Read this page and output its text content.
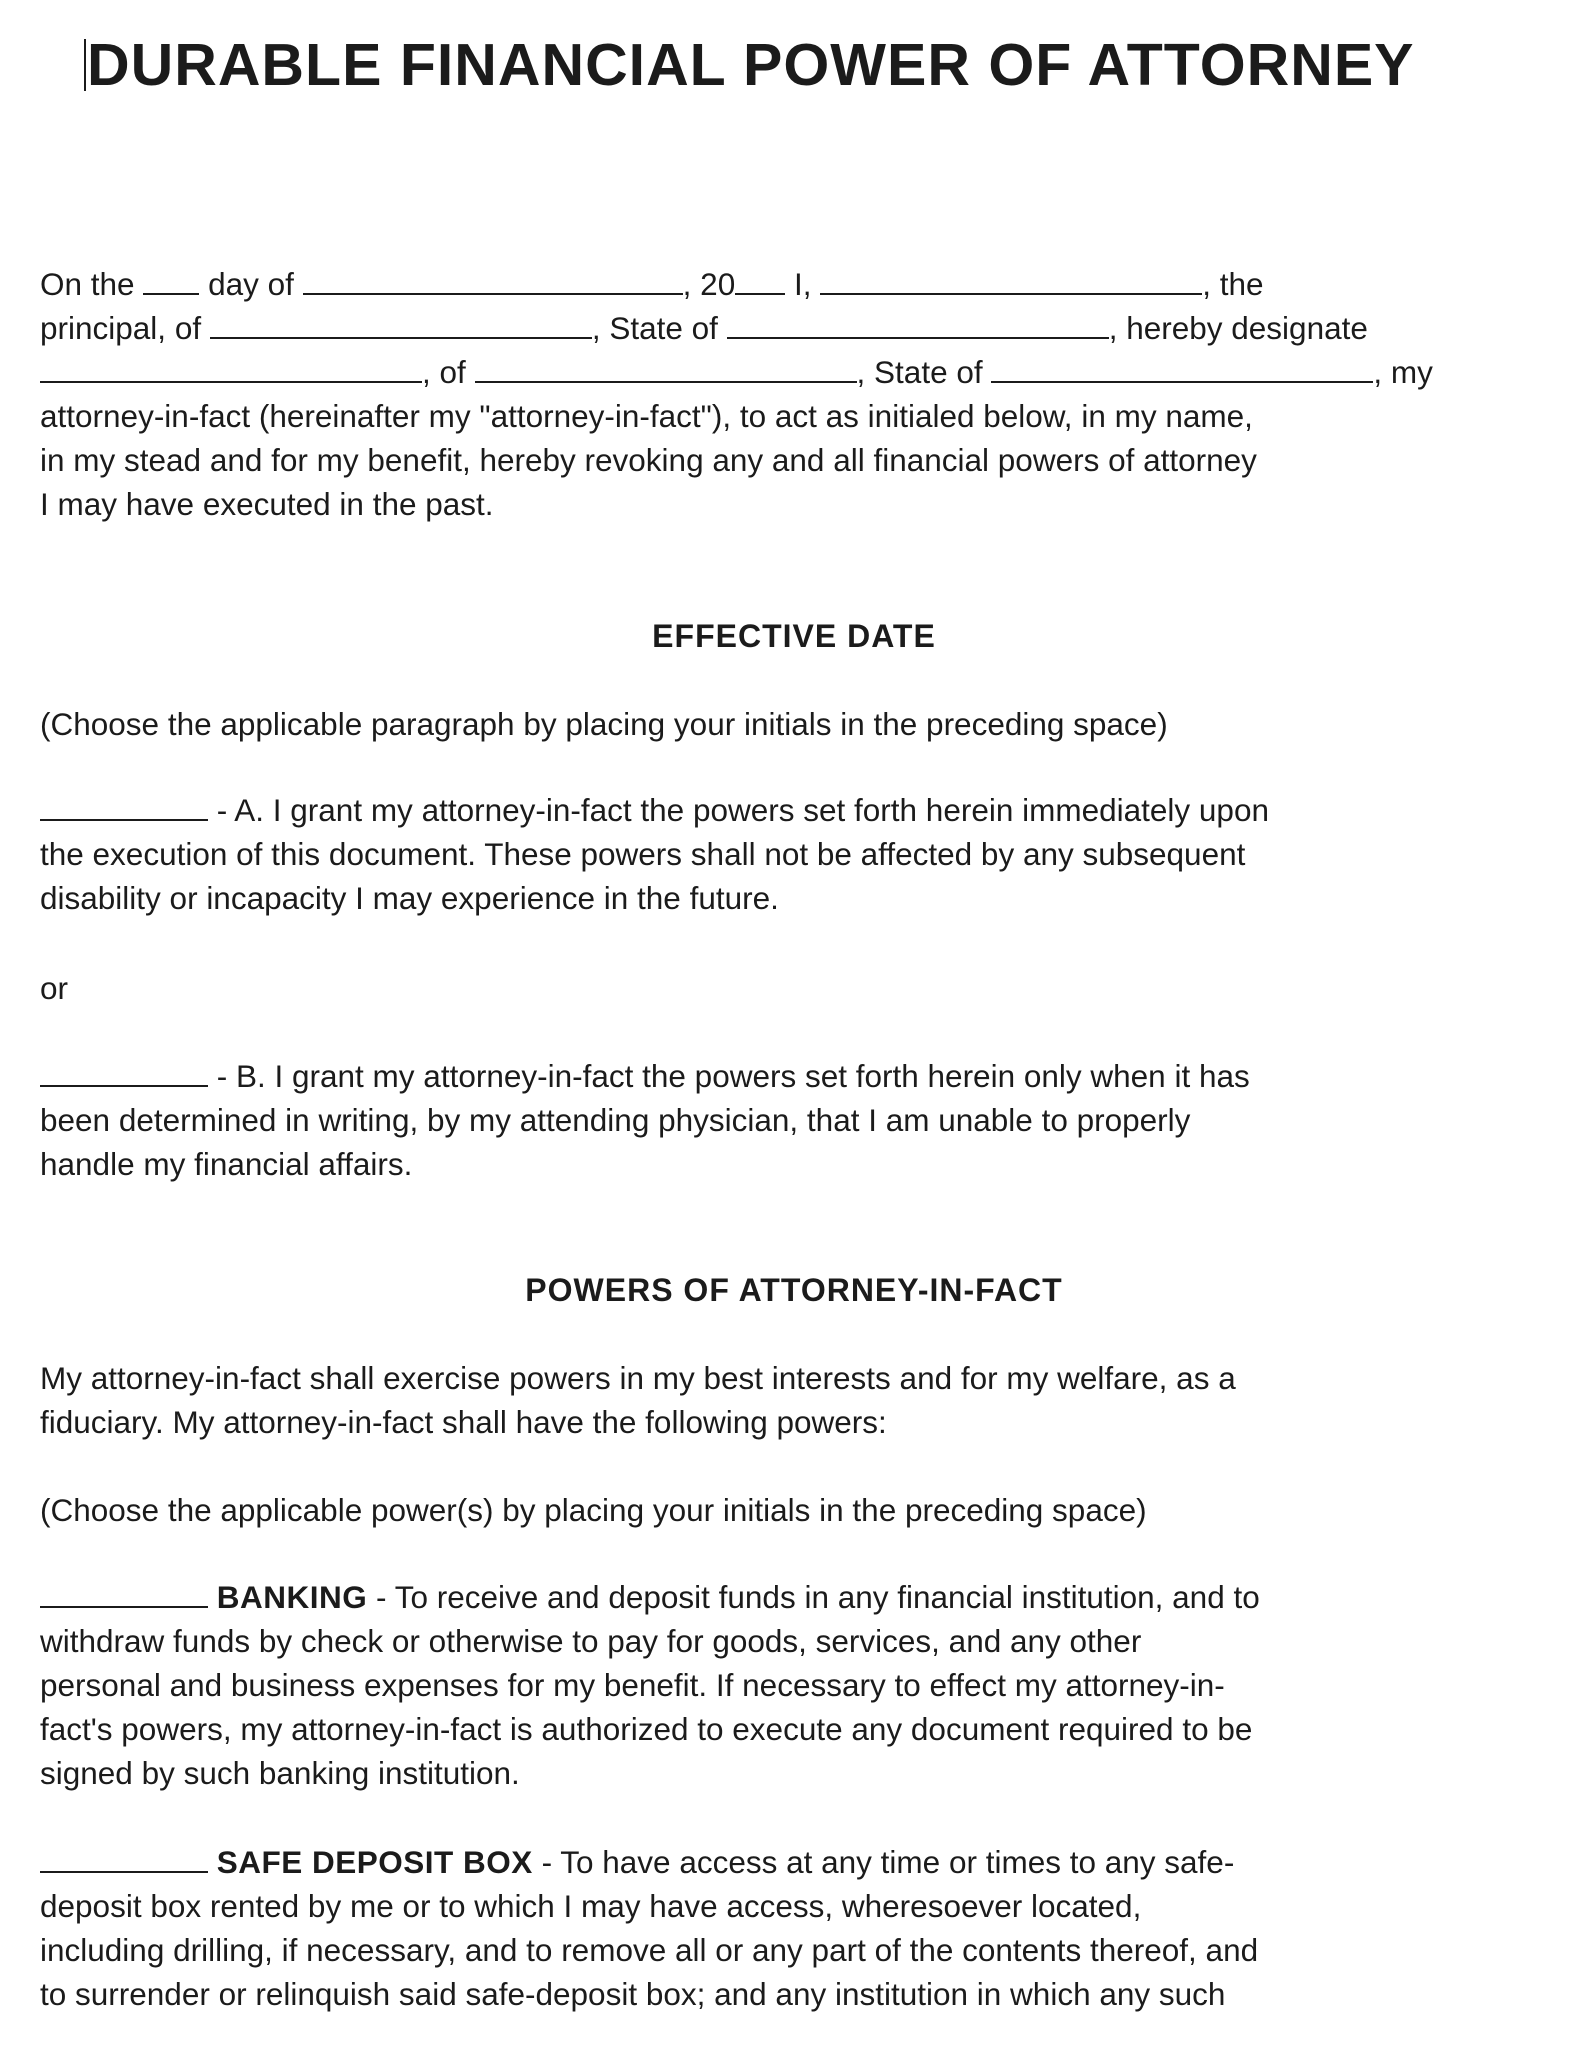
DURABLE FINANCIAL POWER OF ATTORNEY
On the day of	, 20 I,	, the
principal, of	, State of	, hereby designate
, of	, State of	, my
attorney-in-fact (hereinafter my "attorney-in-fact"), to act as initialed below, in my name,
in my stead and for my benefit, hereby revoking any and all financial powers of attorney
I may have executed in the past.
EFFECTIVE DATE
(Choose the applicable paragraph by placing your initials in the preceding space)
- A. I grant my attorney-in-fact the powers set forth herein immediately upon
the execution of this document. These powers shall not be affected by any subsequent
disability or incapacity I may experience in the future.
or
- B. I grant my attorney-in-fact the powers set forth herein only when it has
been determined in writing, by my attending physician, that I am unable to properly
handle my financial affairs.
POWERS OF ATTORNEY-IN-FACT
My attorney-in-fact shall exercise powers in my best interests and for my welfare, as a
fiduciary. My attorney-in-fact shall have the following powers:
(Choose the applicable power(s) by placing your initials in the preceding space)
BANKING - To receive and deposit funds in any financial institution, and to
withdraw funds by check or otherwise to pay for goods, services, and any other
personal and business expenses for my benefit. If necessary to effect my attorney-in-
fact's powers, my attorney-in-fact is authorized to execute any document required to be
signed by such banking institution.
SAFE DEPOSIT BOX - To have access at any time or times to any safe-
deposit box rented by me or to which I may have access, wheresoever located,
including drilling, if necessary, and to remove all or any part of the contents thereof, and
to surrender or relinquish said safe-deposit box; and any institution in which any such
